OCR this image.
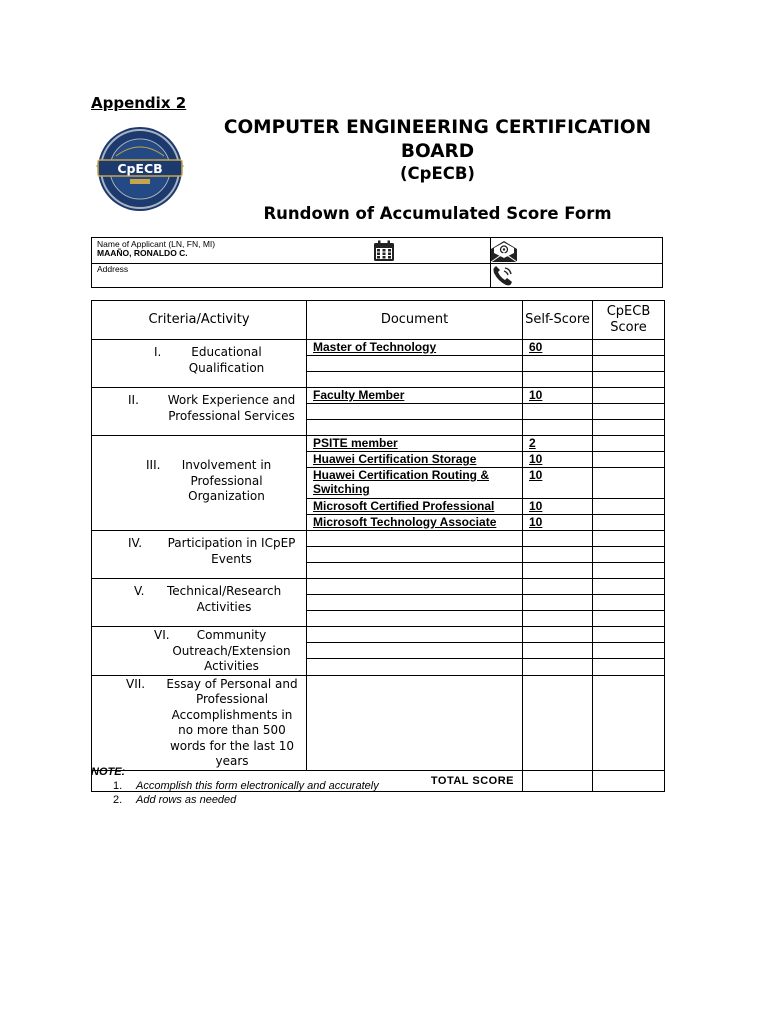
Appendix 2
CpECB
COMPUTER ENGINEERING CERTIFICATION BOARD
(CpECB)
Rundown of Accumulated Score Form
Name of Applicant (LN, FN, MI)
MAAÑO, RONALDO C.
Address
Criteria/Activity	Document	Self-Score	CpECB Score

I. Educational Qualification	Master of Technology	60	

II. Work Experience and Professional Services	Faculty Member	10	

III. Involvement in Professional Organization	PSITE member	2	
	Huawei Certification Storage	10	
	Huawei Certification Routing & Switching	10	
	Microsoft Certified Professional	10	
	Microsoft Technology Associate	10	

IV. Participation in ICpEP Events			

V. Technical/Research Activities			

VI. Community Outreach/Extension Activities			

VII. Essay of Personal and Professional Accomplishments in no more than 500 words for the last 10 years			

TOTAL SCORE			
NOTE:
1. Accomplish this form electronically and accurately
2. Add rows as needed
